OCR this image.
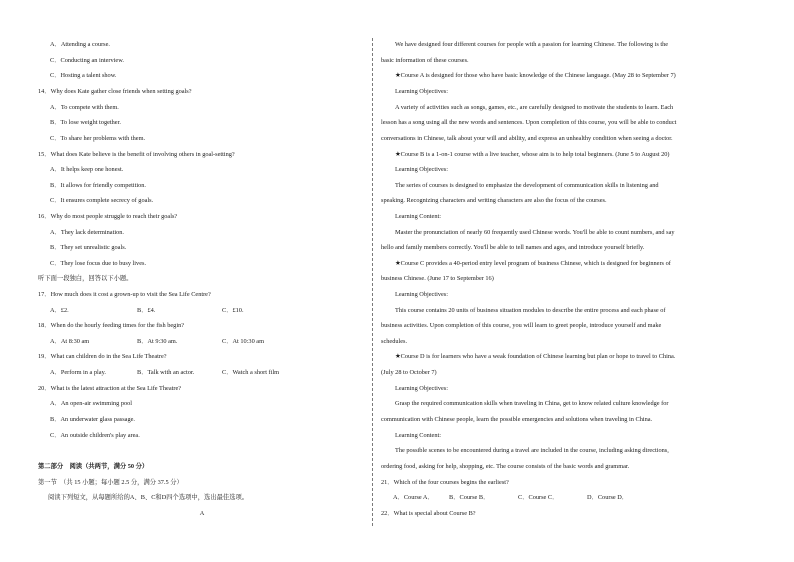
A．Attending a course.
C．Conducting an interview.
C．Hosting a talent show.
14．Why does Kate gather close friends when setting goals?
A．To compete with them.
B．To lose weight together.
C．To share her problems with them.
15．What does Kate believe is the benefit of involving others in goal-setting?
A．It helps keep one honest.
B．It allows for friendly competition.
C．It ensures complete secrecy of goals.
16．Why do most people struggle to reach their goals?
A．They lack determination.
B．They set unrealistic goals.
C．They lose focus due to busy lives.
听下面一段独白，回答以下小题。
17．How much does it cost a grown-up to visit the Sea Life Centre?
A．£2.	B．£4.	C．£10.
18．When do the hourly feeding times for the fish begin?
A．At 8:30 am	B．At 9:30 am.	C．At 10:30 am
19．What can children do in the Sea Life Theatre?
A．Perform in a play.	B．Talk with an actor.	C．Watch a short film
20．What is the latest attraction at the Sea Life Theatre?
A．An open-air swimming pool
B．An underwater glass passage.
C．An outside children's play area.
第二部分　阅读（共两节，满分 50 分）
第一节　（共 15 小题；每小题 2.5 分，满分 37.5 分）
阅读下列短文，从每题所给的A、B、C和D四个选项中，选出最佳选项。
A
We have designed four different courses for people with a passion for learning Chinese. The following is the
basic information of these courses.
★Course A is designed for those who have basic knowledge of the Chinese language. (May 28 to September 7)
Learning Objectives:
A variety of activities such as songs, games, etc., are carefully designed to motivate the students to learn. Each
lesson has a song using all the new words and sentences. Upon completion of this course, you will be able to conduct
conversations in Chinese, talk about your will and ability, and express an unhealthy condition when seeing a doctor.
★Course B is a 1-on-1 course with a live teacher, whose aim is to help total beginners. (June 5 to August 20)
Learning Objectives:
The series of courses is designed to emphasize the development of communication skills in listening and
speaking. Recognizing characters and writing characters are also the focus of the courses.
Learning Content:
Master the pronunciation of nearly 60 frequently used Chinese words. You'll be able to count numbers, and say
hello and family members correctly. You'll be able to tell names and ages, and introduce yourself briefly.
★Course C provides a 40-period entry level program of business Chinese, which is designed for beginners of
business Chinese. (June 17 to September 16)
Learning Objectives:
This course contains 20 units of business situation modules to describe the entire process and each phase of
business activities. Upon completion of this course, you will learn to greet people, introduce yourself and make
schedules.
★Course D is for learners who have a weak foundation of Chinese learning but plan or hope to travel to China.
(July 28 to October 7)
Learning Objectives:
Grasp the required communication skills when traveling in China, get to know related culture knowledge for
communication with Chinese people, learn the possible emergencies and solutions when traveling in China.
Learning Content:
The possible scenes to be encountered during a travel are included in the course, including asking directions,
ordering food, asking for help, shopping, etc. The course consists of the basic words and grammar.
21．Which of the four courses begins the earliest?
A．Course A． B．Course B．	C．Course C．	D．Course D．
22．What is special about Course B?
